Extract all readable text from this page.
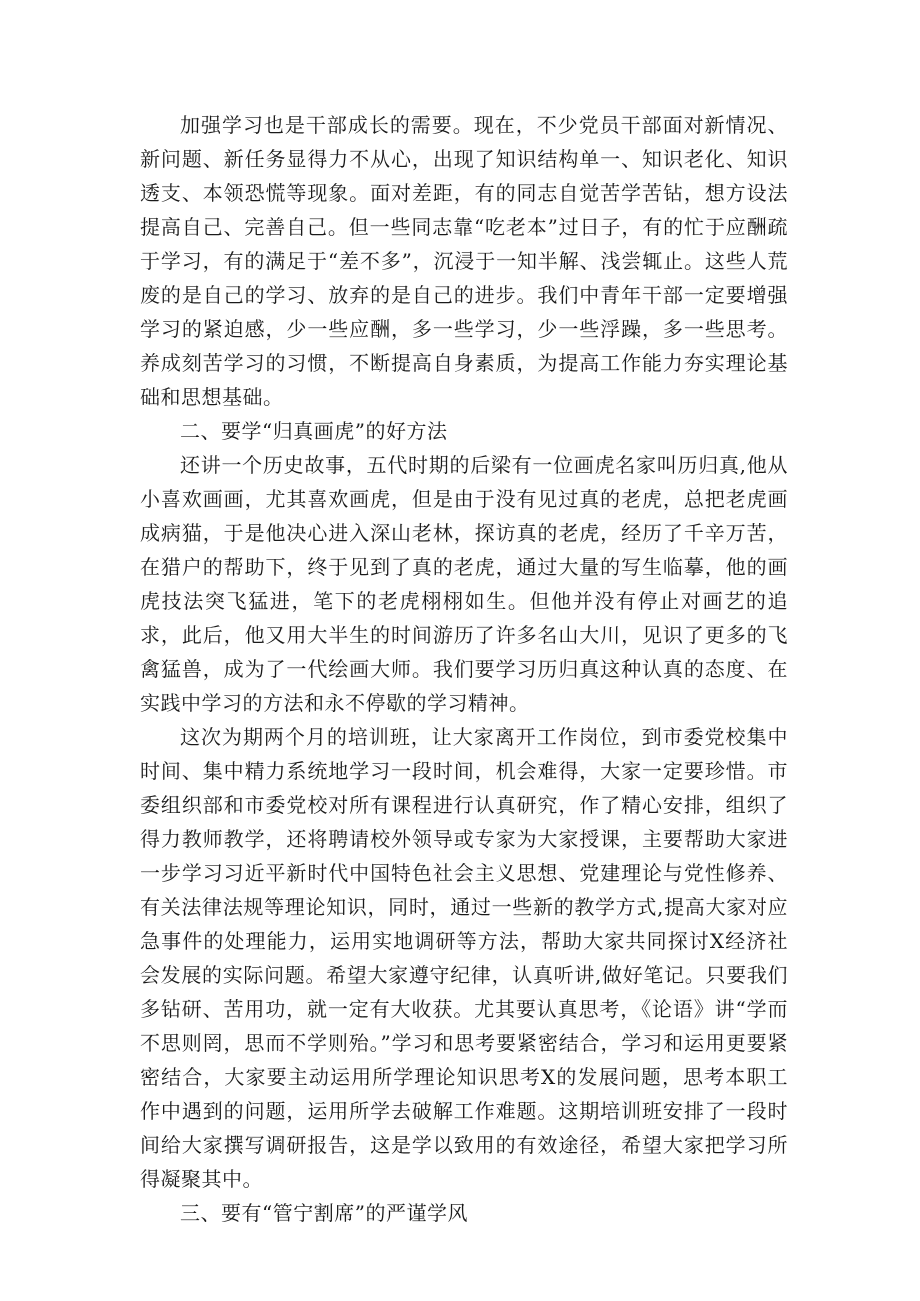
加强学习也是干部成长的需要。现在，不少党员干部面对新情况、新问题、新任务显得力不从心，出现了知识结构单一、知识老化、知识透支、本领恐慌等现象。面对差距，有的同志自觉苦学苦钻，想方设法提高自己、完善自己。但一些同志靠“吃老本”过日子，有的忙于应酬疏于学习，有的满足于“差不多”，沉浸于一知半解、浅尝辄止。这些人荒废的是自己的学习、放弃的是自己的进步。我们中青年干部一定要增强学习的紧迫感，少一些应酬，多一些学习，少一些浮躁，多一些思考。养成刻苦学习的习惯，不断提高自身素质，为提高工作能力夯实理论基础和思想基础。

二、要学“归真画虎”的好方法

还讲一个历史故事，五代时期的后梁有一位画虎名家叫历归真,他从小喜欢画画，尤其喜欢画虎，但是由于没有见过真的老虎，总把老虎画成病猫，于是他决心进入深山老林，探访真的老虎，经历了千辛万苦，在猎户的帮助下，终于见到了真的老虎，通过大量的写生临摹，他的画虎技法突飞猛进，笔下的老虎栩栩如生。但他并没有停止对画艺的追求，此后，他又用大半生的时间游历了许多名山大川，见识了更多的飞禽猛兽，成为了一代绘画大师。我们要学习历归真这种认真的态度、在实践中学习的方法和永不停歇的学习精神。

这次为期两个月的培训班，让大家离开工作岗位，到市委党校集中时间、集中精力系统地学习一段时间，机会难得，大家一定要珍惜。市委组织部和市委党校对所有课程进行认真研究，作了精心安排，组织了得力教师教学，还将聘请校外领导或专家为大家授课，主要帮助大家进一步学习习近平新时代中国特色社会主义思想、党建理论与党性修养、有关法律法规等理论知识，同时，通过一些新的教学方式,提高大家对应急事件的处理能力，运用实地调研等方法，帮助大家共同探讨X经济社会发展的实际问题。希望大家遵守纪律，认真听讲,做好笔记。只要我们多钻研、苦用功，就一定有大收获。尤其要认真思考，《论语》讲“学而不思则罔，思而不学则殆。”学习和思考要紧密结合，学习和运用更要紧密结合，大家要主动运用所学理论知识思考X的发展问题，思考本职工作中遇到的问题，运用所学去破解工作难题。这期培训班安排了一段时间给大家撰写调研报告，这是学以致用的有效途径，希望大家把学习所得凝聚其中。

三、要有“管宁割席”的严谨学风
